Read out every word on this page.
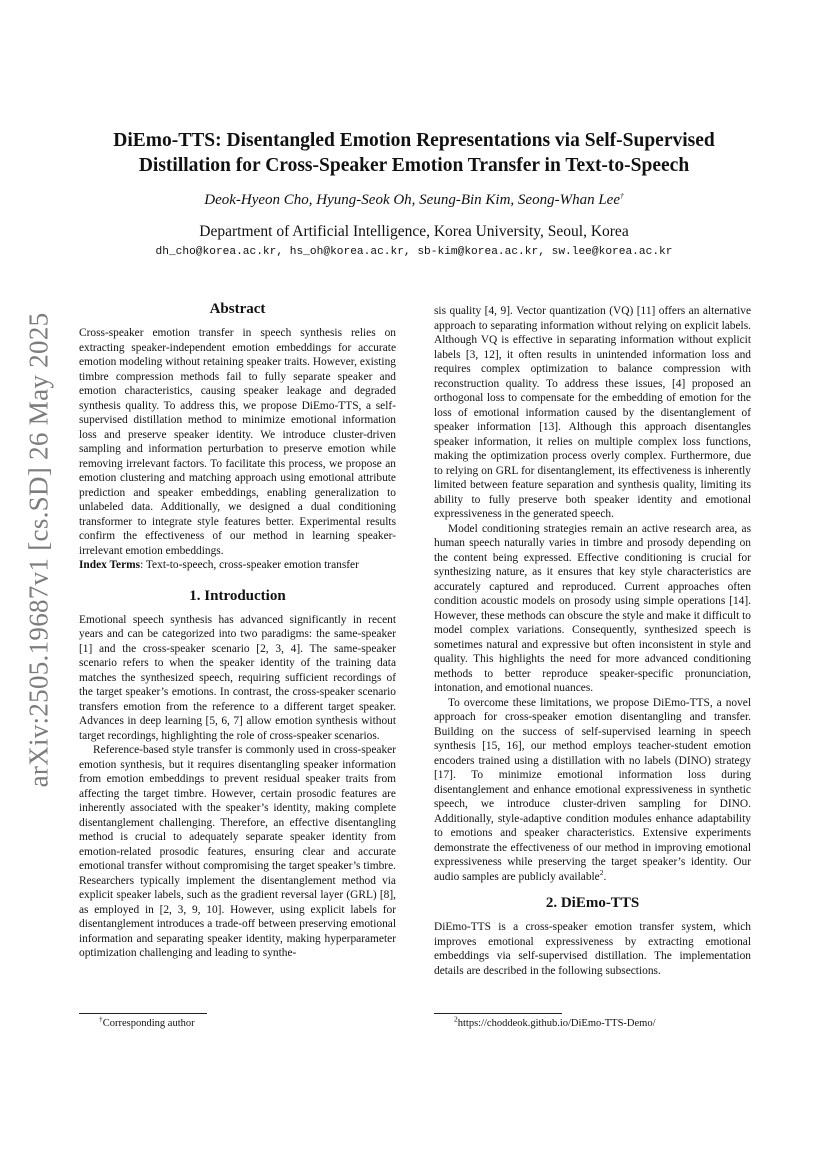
arXiv:2505.19687v1 [cs.SD] 26 May 2025
DiEmo-TTS: Disentangled Emotion Representations via Self-Supervised Distillation for Cross-Speaker Emotion Transfer in Text-to-Speech
Deok-Hyeon Cho, Hyung-Seok Oh, Seung-Bin Kim, Seong-Whan Lee†
Department of Artificial Intelligence, Korea University, Seoul, Korea
dh_cho@korea.ac.kr, hs_oh@korea.ac.kr, sb-kim@korea.ac.kr, sw.lee@korea.ac.kr
Abstract

Cross-speaker emotion transfer in speech synthesis relies on extracting speaker-independent emotion embeddings for accurate emotion modeling without retaining speaker traits. However, existing timbre compression methods fail to fully separate speaker and emotion characteristics, causing speaker leakage and degraded synthesis quality. To address this, we propose DiEmo-TTS, a self-supervised distillation method to minimize emotional information loss and preserve speaker identity. We introduce cluster-driven sampling and information perturbation to preserve emotion while removing irrelevant factors. To facilitate this process, we propose an emotion clustering and matching approach using emotional attribute prediction and speaker embeddings, enabling generalization to unlabeled data. Additionally, we designed a dual conditioning transformer to integrate style features better. Experimental results confirm the effectiveness of our method in learning speaker-irrelevant emotion embeddings.

Index Terms: Text-to-speech, cross-speaker emotion transfer

1. Introduction

Emotional speech synthesis has advanced significantly in recent years and can be categorized into two paradigms: the same-speaker [1] and the cross-speaker scenario [2, 3, 4]. The same-speaker scenario refers to when the speaker identity of the training data matches the synthesized speech, requiring sufficient recordings of the target speaker’s emotions. In contrast, the cross-speaker scenario transfers emotion from the reference to a different target speaker. Advances in deep learning [5, 6, 7] allow emotion synthesis without target recordings, highlighting the role of cross-speaker scenarios.

Reference-based style transfer is commonly used in cross-speaker emotion synthesis, but it requires disentangling speaker information from emotion embeddings to prevent residual speaker traits from affecting the target timbre. However, certain prosodic features are inherently associated with the speaker’s identity, making complete disentanglement challenging. Therefore, an effective disentangling method is crucial to adequately separate speaker identity from emotion-related prosodic features, ensuring clear and accurate emotional transfer without compromising the target speaker’s timbre. Researchers typically implement the disentanglement method via explicit speaker labels, such as the gradient reversal layer (GRL) [8], as employed in [2, 3, 9, 10]. However, using explicit labels for disentanglement introduces a trade-off between preserving emotional information and separating speaker identity, making hyperparameter optimization challenging and leading to synthe-

sis quality [4, 9]. Vector quantization (VQ) [11] offers an alternative approach to separating information without relying on explicit labels. Although VQ is effective in separating information without explicit labels [3, 12], it often results in unintended information loss and requires complex optimization to balance compression with reconstruction quality. To address these issues, [4] proposed an orthogonal loss to compensate for the embedding of emotion for the loss of emotional information caused by the disentanglement of speaker information [13]. Although this approach disentangles speaker information, it relies on multiple complex loss functions, making the optimization process overly complex. Furthermore, due to relying on GRL for disentanglement, its effectiveness is inherently limited between feature separation and synthesis quality, limiting its ability to fully preserve both speaker identity and emotional expressiveness in the generated speech.

Model conditioning strategies remain an active research area, as human speech naturally varies in timbre and prosody depending on the content being expressed. Effective conditioning is crucial for synthesizing nature, as it ensures that key style characteristics are accurately captured and reproduced. Current approaches often condition acoustic models on prosody using simple operations [14]. However, these methods can obscure the style and make it difficult to model complex variations. Consequently, synthesized speech is sometimes natural and expressive but often inconsistent in style and quality. This highlights the need for more advanced conditioning methods to better reproduce speaker-specific pronunciation, intonation, and emotional nuances.

To overcome these limitations, we propose DiEmo-TTS, a novel approach for cross-speaker emotion disentangling and transfer. Building on the success of self-supervised learning in speech synthesis [15, 16], our method employs teacher-student emotion encoders trained using a distillation with no labels (DINO) strategy [17]. To minimize emotional information loss during disentanglement and enhance emotional expressiveness in synthetic speech, we introduce cluster-driven sampling for DINO. Additionally, style-adaptive condition modules enhance adaptability to emotions and speaker characteristics. Extensive experiments demonstrate the effectiveness of our method in improving emotional expressiveness while preserving the target speaker’s identity. Our audio samples are publicly available$^2$.

2. DiEmo-TTS

DiEmo-TTS is a cross-speaker emotion transfer system, which improves emotional expressiveness by extracting emotional embeddings via self-supervised distillation. The implementation details are described in the following subsections.

†Corresponding author	$^2$https://choddeok.github.io/DiEmo-TTS-Demo/
